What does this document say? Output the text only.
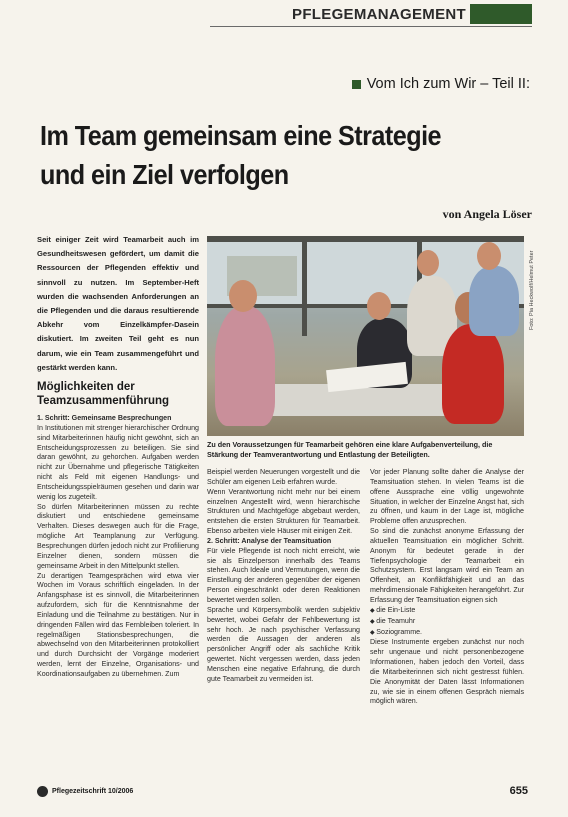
PFLEGEMANAGEMENT
Vom Ich zum Wir – Teil II:
Im Team gemeinsam eine Strategie
und ein Ziel verfolgen
von Angela Löser

Seit einiger Zeit wird Teamarbeit auch im Gesundheitswesen gefördert, um damit die Ressourcen der Pflegenden effektiv und sinnvoll zu nutzen. Im September-Heft wurden die wachsenden Anforderungen an die Pflegenden und die daraus resultierende Abkehr vom Einzelkämpfer-Dasein diskutiert. Im zweiten Teil geht es nun darum, wie ein Team zusammengeführt und gestärkt werden kann.

Foto: Pia Heckwolf/Helmut Peter

Zu den Voraussetzungen für Teamarbeit gehören eine klare Aufgabenverteilung, die Stärkung der Teamverantwortung und Entlastung der Beteiligten.

Möglichkeiten der
Teamzusammenführung
1. Schritt: Gemeinsame Besprechungen

In Institutionen mit strenger hierarchischer Ordnung sind Mitarbeiterinnen häufig nicht gewöhnt, sich an Entscheidungsprozessen zu beteiligen. Sie sind daran gewöhnt, zu gehorchen. Aufgaben werden nicht zur Übernahme und pflegerische Tätigkeiten nicht als Feld mit eigenen Handlungs- und Entscheidungsspielräumen gesehen und darin war wenig los zugeteilt.

So dürfen Mitarbeiterinnen müssen zu rechte diskutiert und entschiedene gemeinsame Verhalten. Dieses deswegen auch für die Frage, mögliche Art Teamplanung zur Verfügung. Besprechungen dürfen jedoch nicht zur Profilierung Einzelner dienen, sondern müssen die gemeinsame Arbeit in den Mittelpunkt stellen.

Zu derartigen Teamgesprächen wird etwa vier Wochen im Voraus schriftlich eingeladen. In der Anfangsphase ist es sinnvoll, die Mitarbeiterinnen aufzufordern, sich für die Kenntnisnahme der Einladung und die Teilnahme zu bestätigen. Nur in dringenden Fällen wird das Fernbleiben toleriert. In regelmäßigen Stationsbesprechungen, die abwechselnd von den Mitarbeiterinnen protokolliert und durch Durchsicht der Vorgänge moderiert werden, lernt der Einzelne, Organisations- und Koordinationsaufgaben zu übernehmen. Zum

Beispiel werden Neuerungen vorgestellt und die Schüler am eigenen Leib erfahren wurde.

Wenn Verantwortung nicht mehr nur bei einem einzelnen Angestellt wird, wenn hierarchische Strukturen und Machtgefüge abgebaut werden, entstehen die ersten Strukturen für Teamarbeit. Ebenso arbeiten viele Häuser mit einigen Zeit.

2. Schritt: Analyse der Teamsituation

Für viele Pflegende ist noch nicht erreicht, wie sie als Einzelperson innerhalb des Teams stehen. Auch Ideale und Vermutungen, wenn die Einstellung der anderen gegenüber der eigenen Person eingeschränkt oder deren Reaktionen bewertet werden sollen.

Sprache und Körpersymbolik werden subjektiv bewertet, wobei Gefahr der Fehlbewertung ist sehr hoch. Je nach psychischer Verfassung werden die Aussagen der anderen als persönlicher Angriff oder als sachliche Kritik gewertet. Nicht vergessen werden, dass jeden Menschen eine negative Erfahrung, die durch gute Teamarbeit zu vermeiden ist.

Vor jeder Planung sollte daher die Analyse der Teamsituation stehen. In vielen Teams ist die offene Aussprache eine völlig ungewohnte Situation, in welcher der Einzelne Angst hat, sich zu öffnen, und kaum in der Lage ist, mögliche Probleme offen anzusprechen.

So sind die zunächst anonyme Erfassung der aktuellen Teamsituation ein möglicher Schritt. Anonym für bedeutet gerade in der Tiefenpsychologie der Teamarbeit ein Schutzsystem. Erst langsam wird ein Team an Offenheit, an Konfliktfähigkeit und an das mehrdimensionale Fähigkeiten herangeführt. Zur Erfassung der Teamsituation eignen sich

◆ die Ein-Liste
◆ die Teamuhr
◆ Soziogramme.

Diese Instrumente ergeben zunächst nur noch sehr ungenaue und nicht personenbezogene Informationen, haben jedoch den Vorteil, dass die Mitarbeiterinnen sich nicht gestresst fühlen. Die Anonymität der Daten lässt Informationen zu, wie sie in einem offenen Gespräch niemals möglich wären.

Pflegezeitschrift 10/2006	655
